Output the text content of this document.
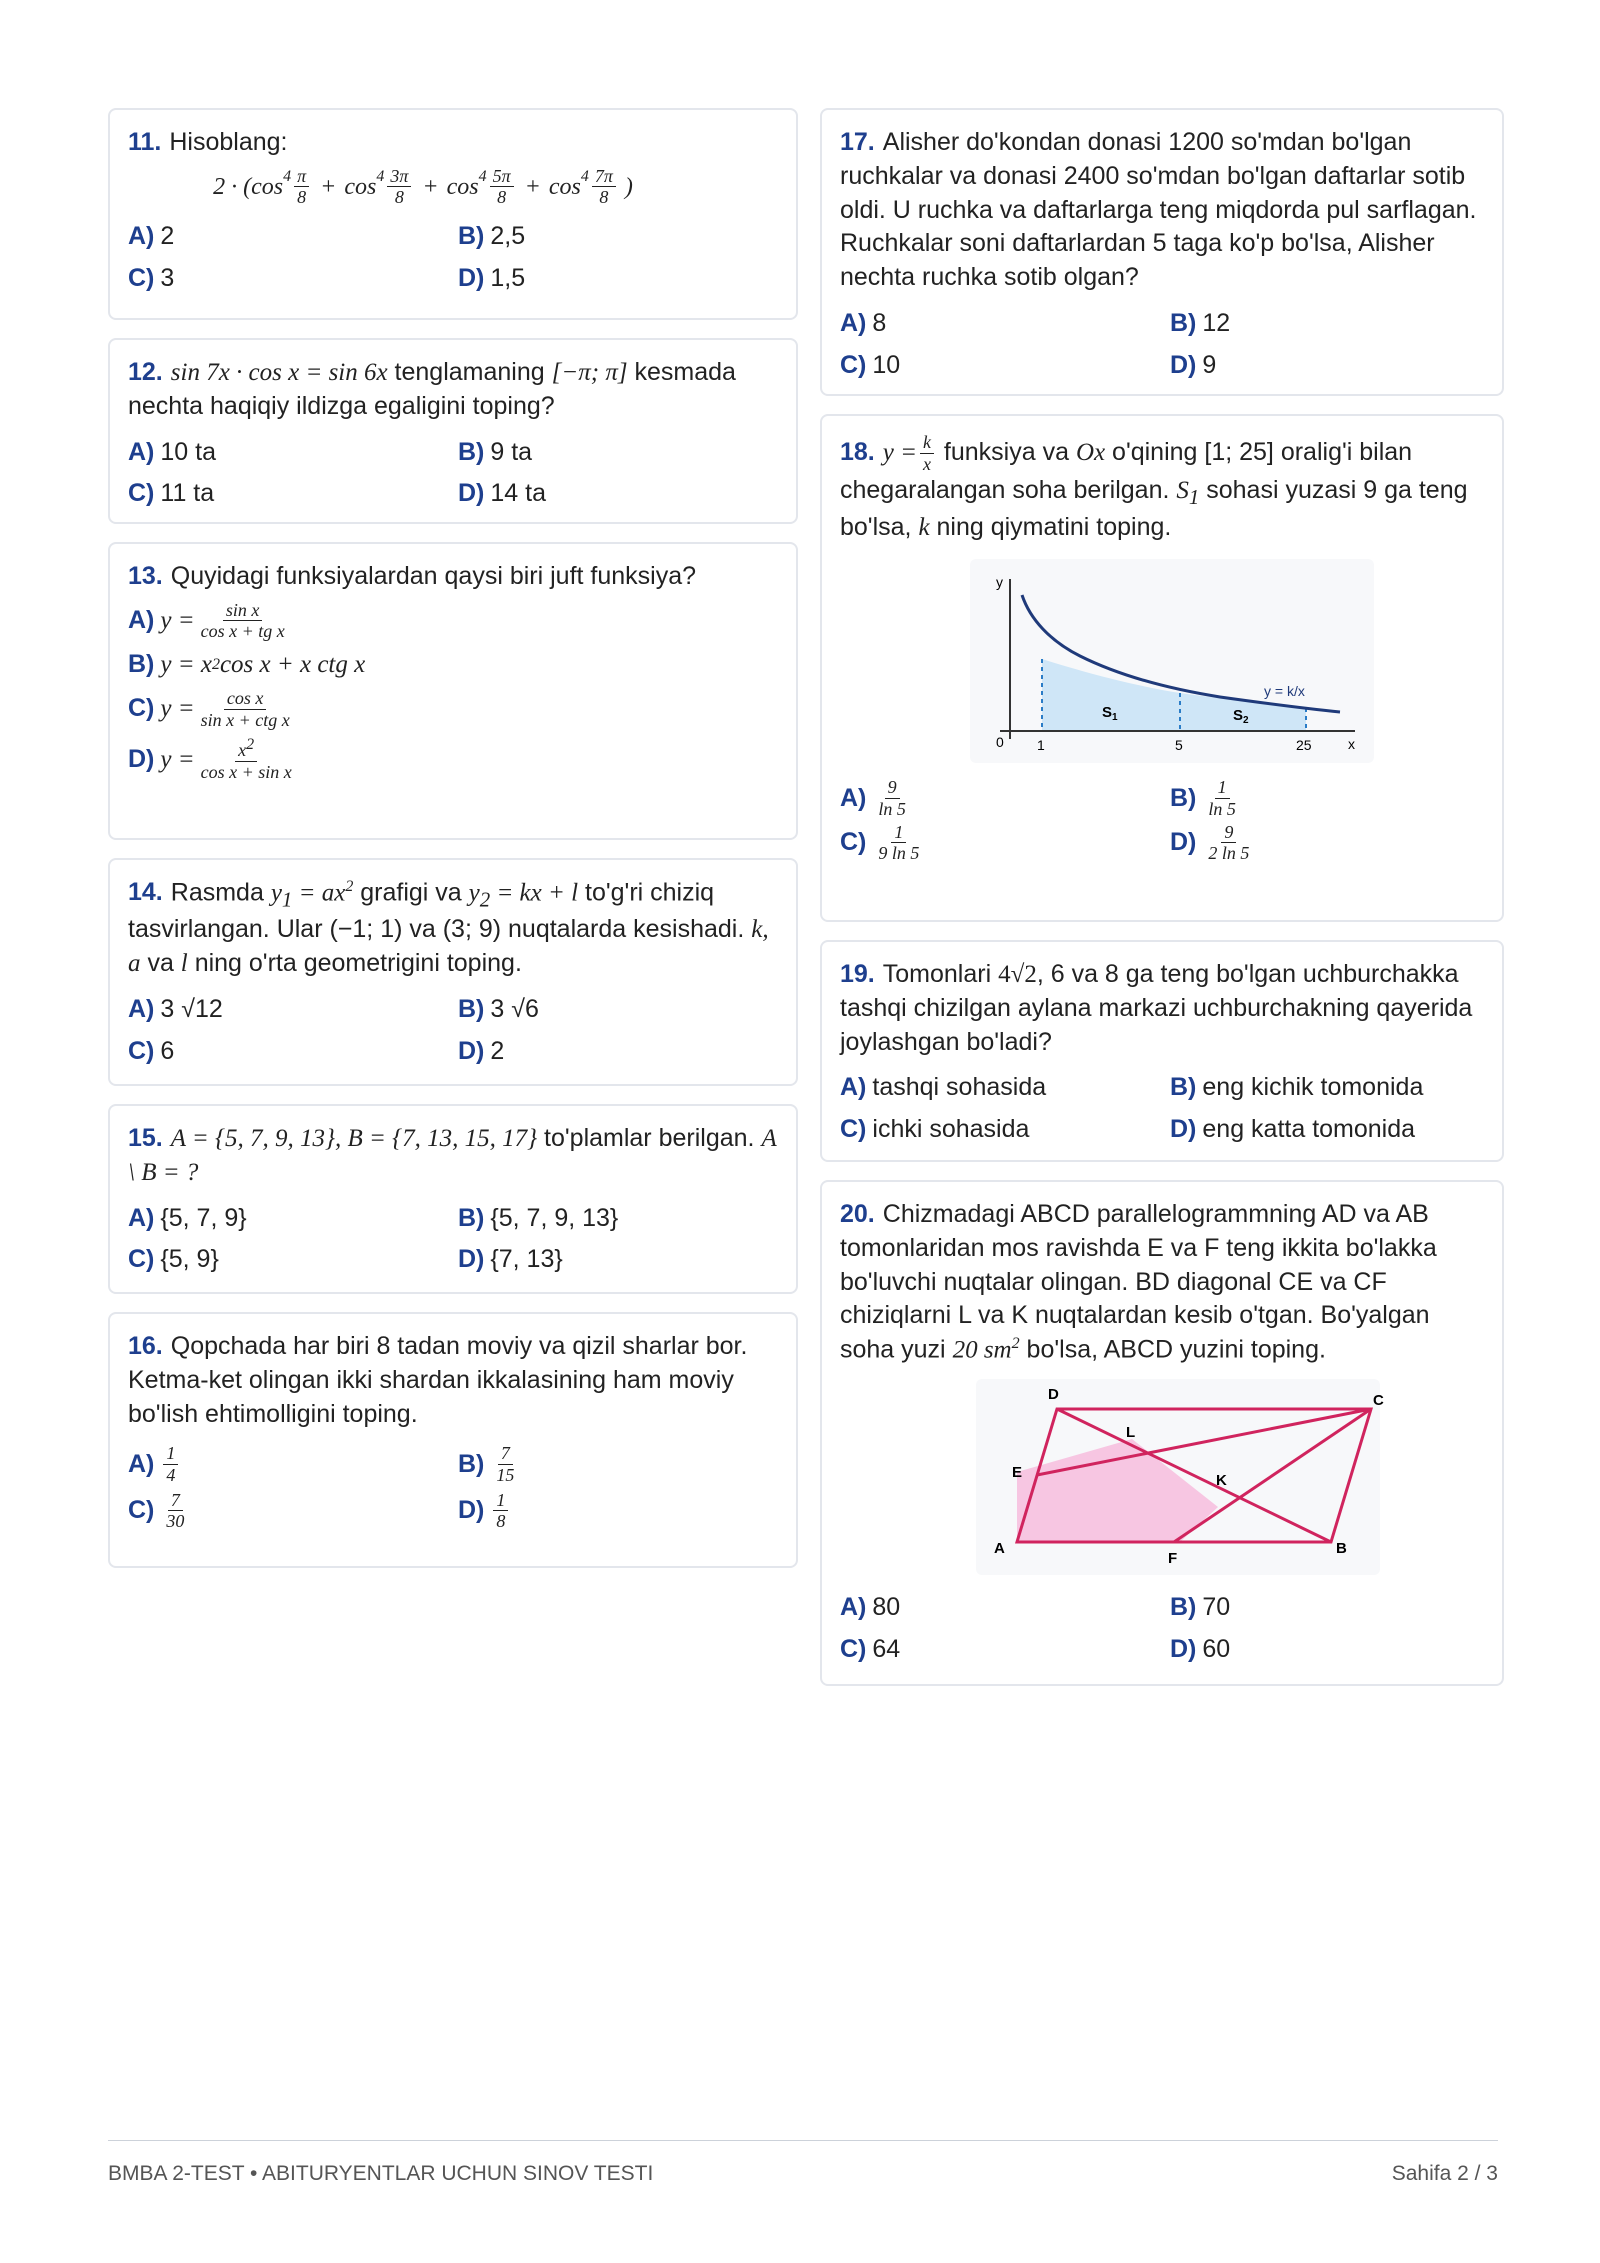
11. Hisoblang:
2 · ( $\cos^4 \frac{\pi}{8} + \cos^4 \frac{3\pi}{8} + \cos^4 \frac{5\pi}{8} + \cos^4 \frac{7\pi}{8}$ )
A) 2	B) 2,5
C) 3	D) 1,5
12. sin 7x · cos x = sin 6x tenglamaning [−π; π] kesmada nechta haqiqiy ildizga egaligini toping?
A) 10 ta	B) 9 ta
C) 11 ta	D) 14 ta
13. Quyidagi funksiyalardan qaysi biri juft funksiya?
A) $y = \frac{\text{sin x}}{\text{cos x + tg x}}$
B) y = x 2 cos x + x ctg x
C) $y = \frac{\text{cos x}}{\text{sin x + ctg x}}$
D) $y = \frac{x^2}{\text{cos x + sin x}}$
14. Rasmda $y_1 = ax^2$ grafigi va $y_2$ = kx + l to'g'ri chiziq tasvirlangan. Ular (−1; 1) va (3; 9) nuqtalarda kesishadi. k, a va l ning o'rta geometrigini toping.
A) 3 √12	B) 3 √6
C) 6	D) 2
15. A = {5, 7, 9, 13}, B = {7, 13, 15, 17} to'plamlar berilgan. A \ B = ?
A) {5, 7, 9}	B) {5, 7, 9, 13}
C) {5, 9}	D) {7, 13}
16. Qopchada har biri 8 tadan moviy va qizil sharlar bor. Ketma-ket olingan ikki shardan ikkalasining ham moviy bo'lish ehtimolligini toping.
$A) \frac{1}{4}$	$B) \frac{7}{15}$
$C) \frac{7}{30}$	$D) \frac{1}{8}$
17. Alisher do'kondan donasi 1200 so'mdan bo'lgan ruchkalar va donasi 2400 so'mdan bo'lgan daftarlar sotib oldi. U ruchka va daftarlarga teng miqdorda pul sarflagan. Ruchkalar soni daftarlardan 5 taga ko'p bo'lsa, Alisher nechta ruchka sotib olgan?
A) 8	B) 12
C) 10	D) 9
18. $y = \frac{k}{x}$ funksiya va Ox o'qining [1; 25] oralig'i bilan chegaralangan soha berilgan. $S_1$ sohasi yuzasi 9 ga teng bo'lsa, k ning qiymatini toping.
y
x
0 1	5	25
y = k/x
$S_1$	$S_2$
$A) \frac{9}{\ln 5}$	$B) \frac{1}{\ln 5}$
$C) \frac{1}{9 \ln 5}$	$D) \frac{9}{2 \ln 5}$
19. Tomonlari 4√2, 6 va 8 ga teng bo'lgan uchburchakka tashqi chizilgan aylana markazi uchburchakning qayerida joylashgan bo'ladi?
A) tashqi sohasida	B) eng kichik tomonida
C) ichki sohasida	D) eng katta tomonida
20. Chizmadagi ABCD parallelogrammning AD va AB tomonlaridan mos ravishda E va F teng ikkita bo'lakka bo'luvchi nuqtalar olingan. BD diagonal CE va CF chiziqlarni L va K nuqtalardan kesib o'tgan. Bo'yalgan soha yuzi 20 $sm^2$ bo'lsa, ABCD yuzini toping.
D	C
E
A
F
B
L
K
A) 80	B) 70
C) 64	D) 60
BMBA 2-TEST • ABITURYENTLAR UCHUN SINOV TESTI	Sahifa 2 / 3
